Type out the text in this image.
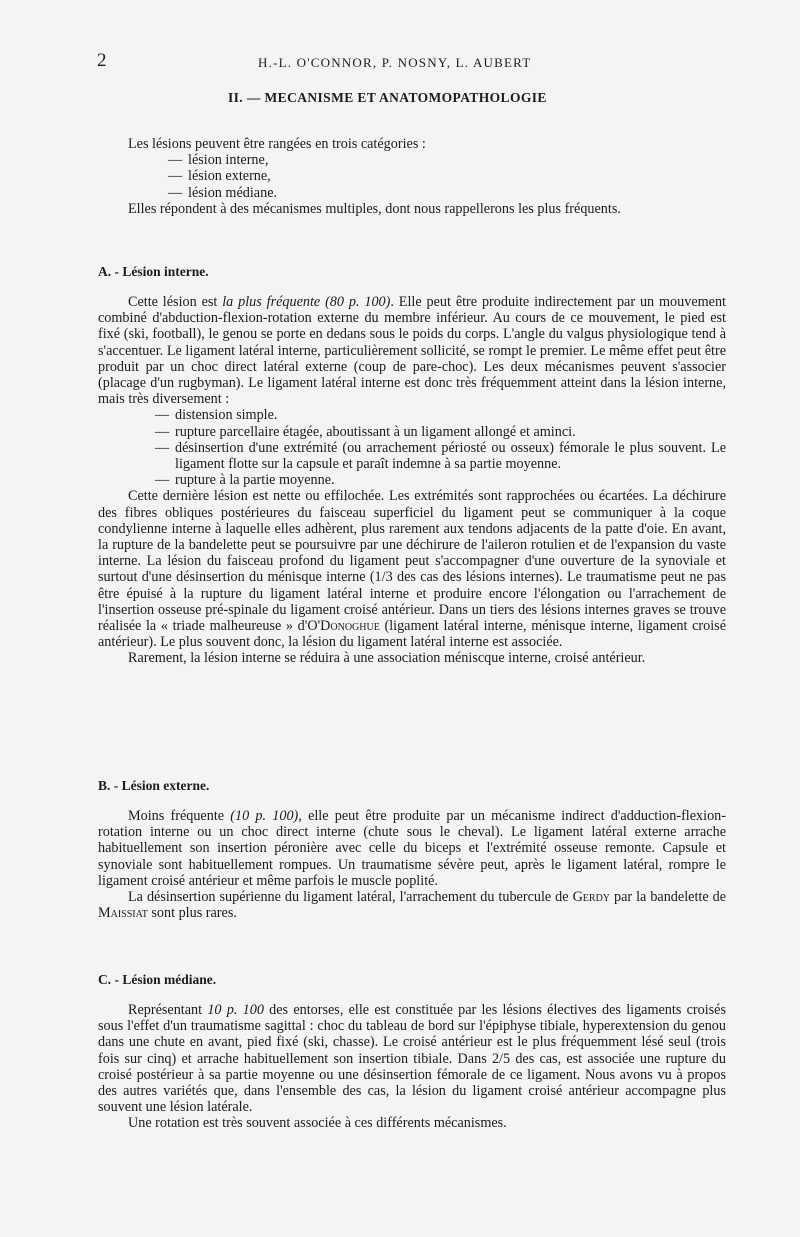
2	H.-L. O'CONNOR, P. NOSNY, L. AUBERT
II. — MECANISME ET ANATOMOPATHOLOGIE

Les lésions peuvent être rangées en trois catégories :

— lésion interne,
— lésion externe,
— lésion médiane.

Elles répondent à des mécanismes multiples, dont nous rappellerons les plus fréquents.

A. - Lésion interne.

Cette lésion est la plus fréquente (80 p. 100). Elle peut être produite indirectement par un mouvement combiné d'abduction-flexion-rotation externe du membre inférieur. Au cours de ce mouvement, le pied est fixé (ski, football), le genou se porte en dedans sous le poids du corps. L'angle du valgus physiologique tend à s'accentuer. Le ligament latéral interne, particulièrement sollicité, se rompt le premier. Le même effet peut être produit par un choc direct latéral externe (coup de pare-choc). Les deux mécanismes peuvent s'associer (placage d'un rugbyman). Le ligament latéral interne est donc très fréquemment atteint dans la lésion interne, mais très diversement :

— distension simple.
— rupture parcellaire étagée, aboutissant à un ligament allongé et aminci.
— désinsertion d'une extrémité (ou arrachement périosté ou osseux) fémorale le plus souvent. Le ligament flotte sur la capsule et paraît indemne à sa partie moyenne.
— rupture à la partie moyenne.

Cette dernière lésion est nette ou effilochée. Les extrémités sont rapprochées ou écartées. La déchirure des fibres obliques postérieures du faisceau superficiel du ligament peut se communiquer à la coque condylienne interne à laquelle elles adhèrent, plus rarement aux tendons adjacents de la patte d'oie. En avant, la rupture de la bandelette peut se poursuivre par une déchirure de l'aileron rotulien et de l'expansion du vaste interne. La lésion du faisceau profond du ligament peut s'accompagner d'une ouverture de la synoviale et surtout d'une désinsertion du ménisque interne (1/3 des cas des lésions internes). Le traumatisme peut ne pas être épuisé à la rupture du ligament latéral interne et produire encore l'élongation ou l'arrachement de l'insertion osseuse pré-spinale du ligament croisé antérieur. Dans un tiers des lésions internes graves se trouve réalisée la « triade malheureuse » d'O'Donoghue (ligament latéral interne, ménisque interne, ligament croisé antérieur). Le plus souvent donc, la lésion du ligament latéral interne est associée.

Rarement, la lésion interne se réduira à une association méniscque interne, croisé antérieur.

B. - Lésion externe.

Moins fréquente (10 p. 100), elle peut être produite par un mécanisme indirect d'adduction-flexion-rotation interne ou un choc direct interne (chute sous le cheval). Le ligament latéral externe arrache habituellement son insertion péronière avec celle du biceps et l'extrémité osseuse remonte. Capsule et synoviale sont habituellement rompues. Un traumatisme sévère peut, après le ligament latéral, rompre le ligament croisé antérieur et même parfois le muscle poplité.

La désinsertion supérienne du ligament latéral, l'arrachement du tubercule de Gerdy par la bandelette de Maissiat sont plus rares.

C. - Lésion médiane.

Représentant 10 p. 100 des entorses, elle est constituée par les lésions électives des ligaments croisés sous l'effet d'un traumatisme sagittal : choc du tableau de bord sur l'épiphyse tibiale, hyperextension du genou dans une chute en avant, pied fixé (ski, chasse). Le croisé antérieur est le plus fréquemment lésé seul (trois fois sur cinq) et arrache habituellement son insertion tibiale. Dans 2/5 des cas, est associée une rupture du croisé postérieur à sa partie moyenne ou une désinsertion fémorale de ce ligament. Nous avons vu à propos des autres variétés que, dans l'ensemble des cas, la lésion du ligament croisé antérieur accompagne plus souvent une lésion latérale.

Une rotation est très souvent associée à ces différents mécanismes.
